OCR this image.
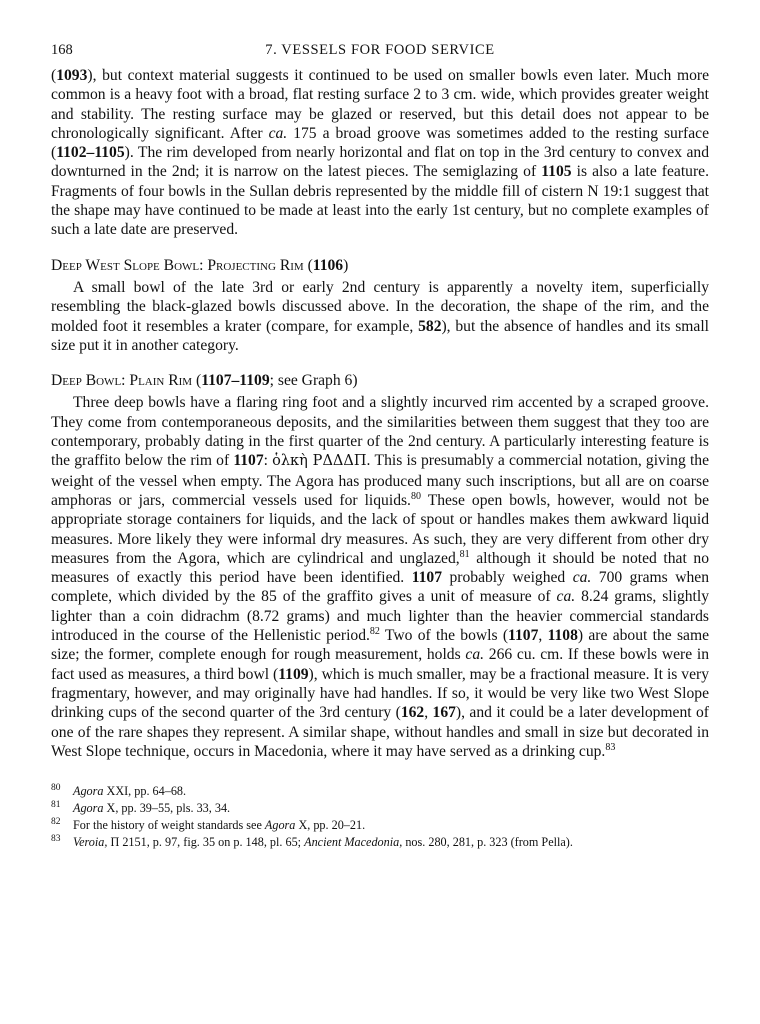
168	7. VESSELS FOR FOOD SERVICE

(1093), but context material suggests it continued to be used on smaller bowls even later. Much more common is a heavy foot with a broad, flat resting surface 2 to 3 cm. wide, which provides greater weight and stability. The resting surface may be glazed or reserved, but this detail does not appear to be chronologically significant. After ca. 175 a broad groove was sometimes added to the resting surface (1102–1105). The rim developed from nearly horizontal and flat on top in the 3rd century to convex and downturned in the 2nd; it is narrow on the latest pieces. The semiglazing of 1105 is also a late feature. Fragments of four bowls in the Sullan debris represented by the middle fill of cistern N 19:1 suggest that the shape may have continued to be made at least into the early 1st century, but no complete examples of such a late date are preserved.

Deep West Slope Bowl: Projecting Rim (1106)

A small bowl of the late 3rd or early 2nd century is apparently a novelty item, superficially resembling the black-glazed bowls discussed above. In the decoration, the shape of the rim, and the molded foot it resembles a krater (compare, for example, 582), but the absence of handles and its small size put it in another category.

Deep Bowl: Plain Rim (1107–1109; see Graph 6)

Three deep bowls have a flaring ring foot and a slightly incurved rim accented by a scraped groove. They come from contemporaneous deposits, and the similarities between them suggest that they too are contemporary, probably dating in the first quarter of the 2nd century. A particularly interesting feature is the graffito below the rim of 1107: ὁλκὴ ΡΔΔΔΠ. This is presumably a commercial notation, giving the weight of the vessel when empty. The Agora has produced many such inscriptions, but all are on coarse amphoras or jars, commercial vessels used for liquids.$^{80}$ These open bowls, however, would not be appropriate storage containers for liquids, and the lack of spout or handles makes them awkward liquid measures. More likely they were informal dry measures. As such, they are very different from other dry measures from the Agora, which are cylindrical and unglazed,$^{81}$ although it should be noted that no measures of exactly this period have been identified. 1107 probably weighed ca. 700 grams when complete, which divided by the 85 of the graffito gives a unit of measure of ca. 8.24 grams, slightly lighter than a coin didrachm (8.72 grams) and much lighter than the heavier commercial standards introduced in the course of the Hellenistic period.$^{82}$ Two of the bowls (1107, 1108) are about the same size; the former, complete enough for rough measurement, holds ca. 266 cu. cm. If these bowls were in fact used as measures, a third bowl (1109), which is much smaller, may be a fractional measure. It is very fragmentary, however, and may originally have had handles. If so, it would be very like two West Slope drinking cups of the second quarter of the 3rd century (162, 167), and it could be a later development of one of the rare shapes they represent. A similar shape, without handles and small in size but decorated in West Slope technique, occurs in Macedonia, where it may have served as a drinking cup.$^{83}$

80 Agora XXI, pp. 64–68.
81 Agora X, pp. 39–55, pls. 33, 34.
82 For the history of weight standards see Agora X, pp. 20–21.
83 Veroia, Π 2151, p. 97, fig. 35 on p. 148, pl. 65; Ancient Macedonia, nos. 280, 281, p. 323 (from Pella).
